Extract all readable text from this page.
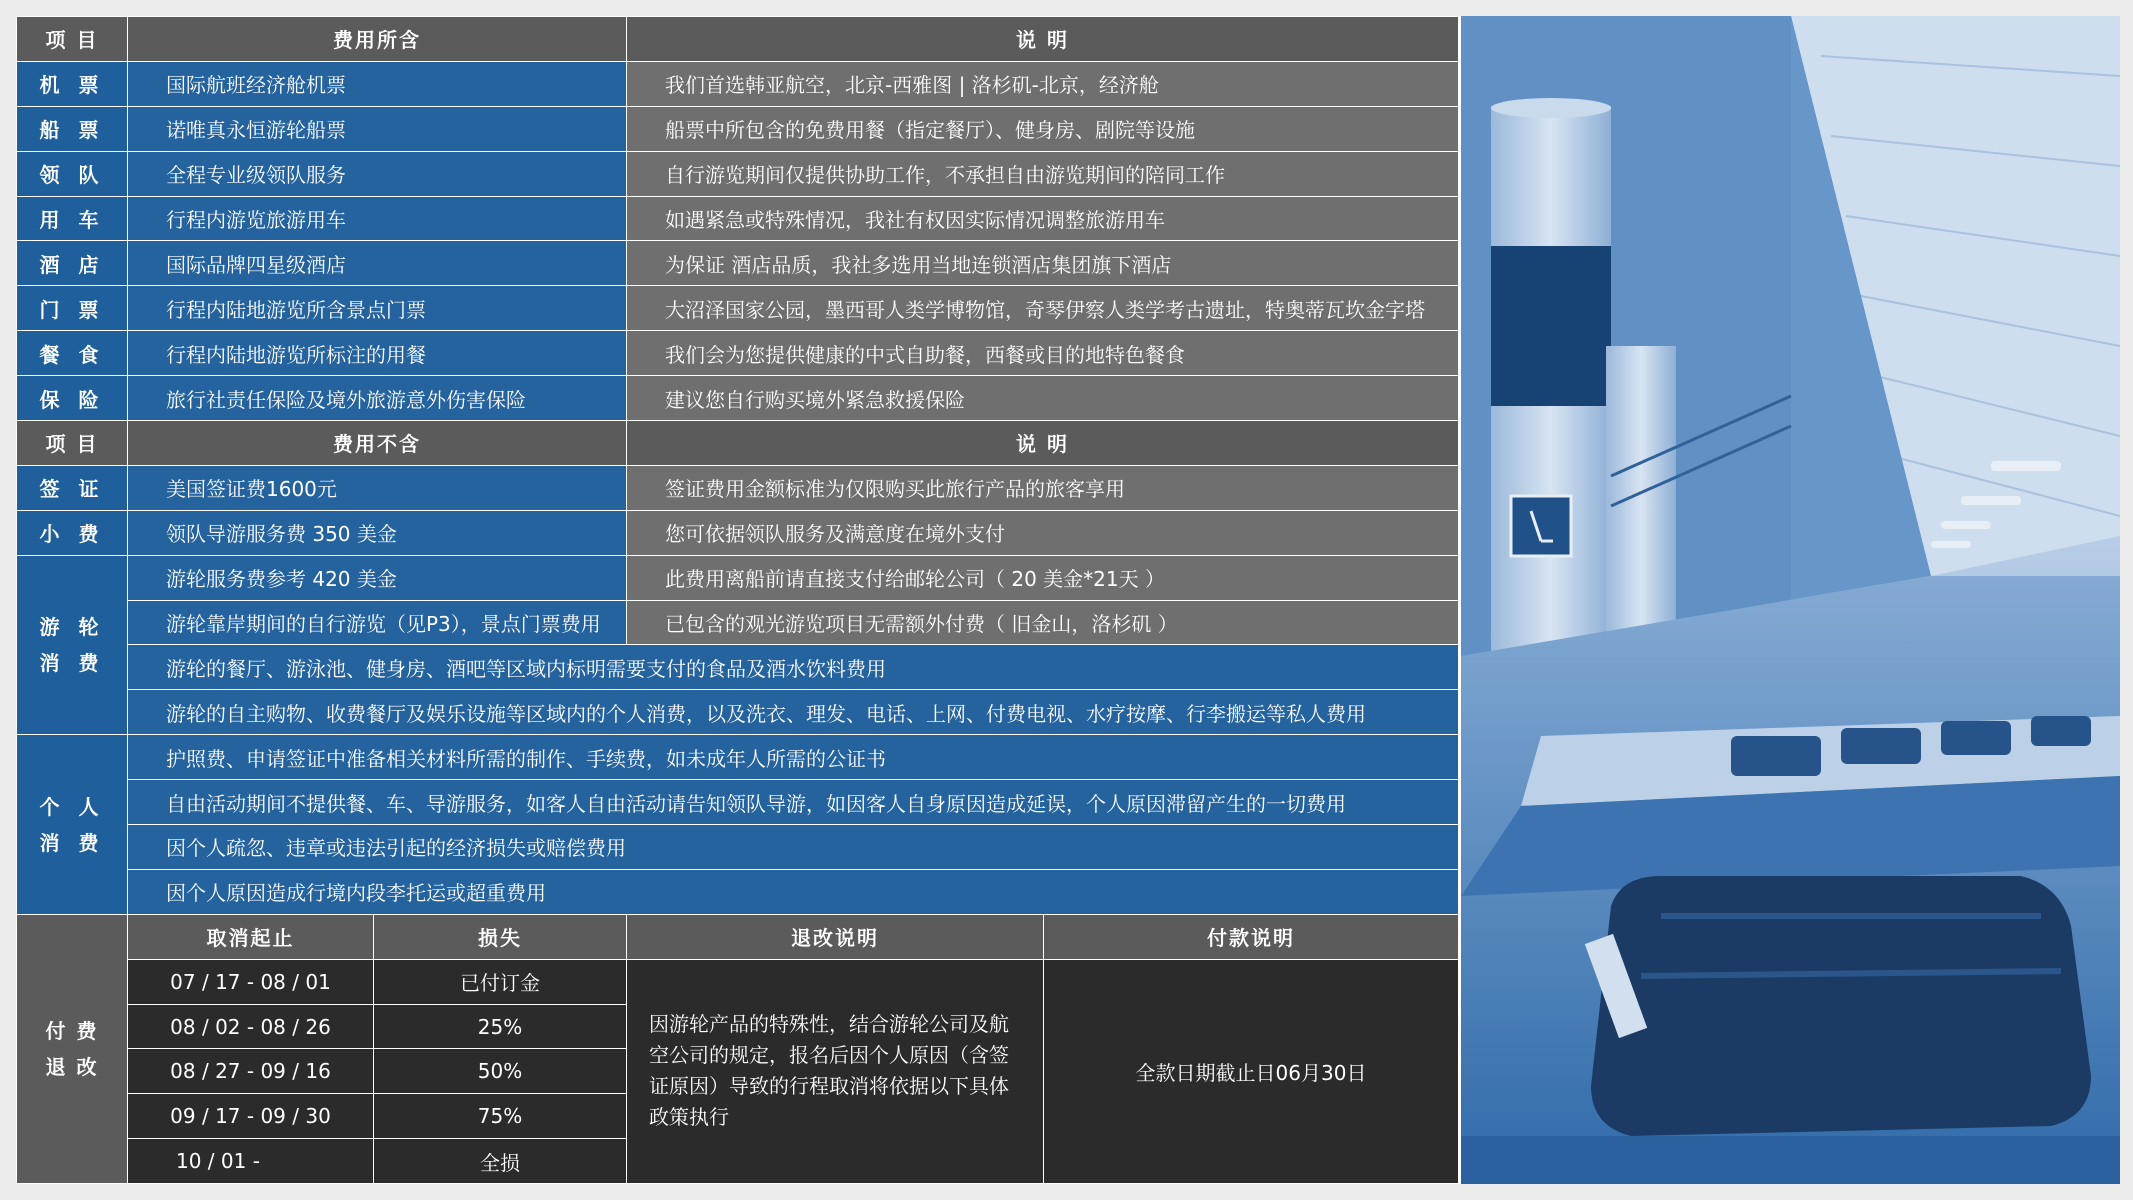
项 目	费用所含		说 明	
机 票	国际航班经济舱机票		我们首选韩亚航空，北京-西雅图 | 洛杉矶-北京，经济舱	
船 票	诺唯真永恒游轮船票		船票中所包含的免费用餐（指定餐厅）、健身房、剧院等设施	
领 队	全程专业级领队服务		自行游览期间仅提供协助工作，不承担自由游览期间的陪同工作	
用 车	行程内游览旅游用车		如遇紧急或特殊情况，我社有权因实际情况调整旅游用车	
酒 店	国际品牌四星级酒店		为保证 酒店品质，我社多选用当地连锁酒店集团旗下酒店	
门 票	行程内陆地游览所含景点门票		大沼泽国家公园，墨西哥人类学博物馆，奇琴伊察人类学考古遗址，特奥蒂瓦坎金字塔	
餐 食	行程内陆地游览所标注的用餐		我们会为您提供健康的中式自助餐，西餐或目的地特色餐食	
保 险	旅行社责任保险及境外旅游意外伤害保险		建议您自行购买境外紧急救援保险	
项 目	费用不含		说 明	
签 证	美国签证费1600元		签证费用金额标准为仅限购买此旅行产品的旅客享用	
小 费	领队导游服务费 350 美金		您可依据领队服务及满意度在境外支付	

游 轮
消 费	游轮服务费参考 420 美金		此费用离船前请直接支付给邮轮公司（ 20 美金*21天 ）	
	游轮靠岸期间的自行游览（见P3），景点门票费用		已包含的观光游览项目无需额外付费（ 旧金山，洛杉矶 ）	
	游轮的餐厅、游泳池、健身房、酒吧等区域内标明需要支付的食品及酒水饮料费用			
	游轮的自主购物、收费餐厅及娱乐设施等区域内的个人消费，以及洗衣、理发、电话、上网、付费电视、水疗按摩、行李搬运等私人费用			

个 人
消 费	护照费、申请签证中准备相关材料所需的制作、手续费，如未成年人所需的公证书			
	自由活动期间不提供餐、车、导游服务，如客人自由活动请告知领队导游，如因客人自身原因造成延误，个人原因滞留产生的一切费用			
	因个人疏忽、违章或违法引起的经济损失或赔偿费用			
	因个人原因造成行境内段李托运或超重费用			

付 费
退 改	取消起止	损失	退改说明	付款说明
	07 / 17 - 08 / 01	已付订金	因游轮产品的特殊性，结合游轮公司及航空公司的规定，报名后因个人原因（含签证原因）导致的行程取消将依据以下具体政策执行	全款日期截止日06月30日
	08 / 02 - 08 / 26	25%		
	08 / 27 - 09 / 16	50%		
	09 / 17 - 09 / 30	75%		
	10 / 01 -	全损		
